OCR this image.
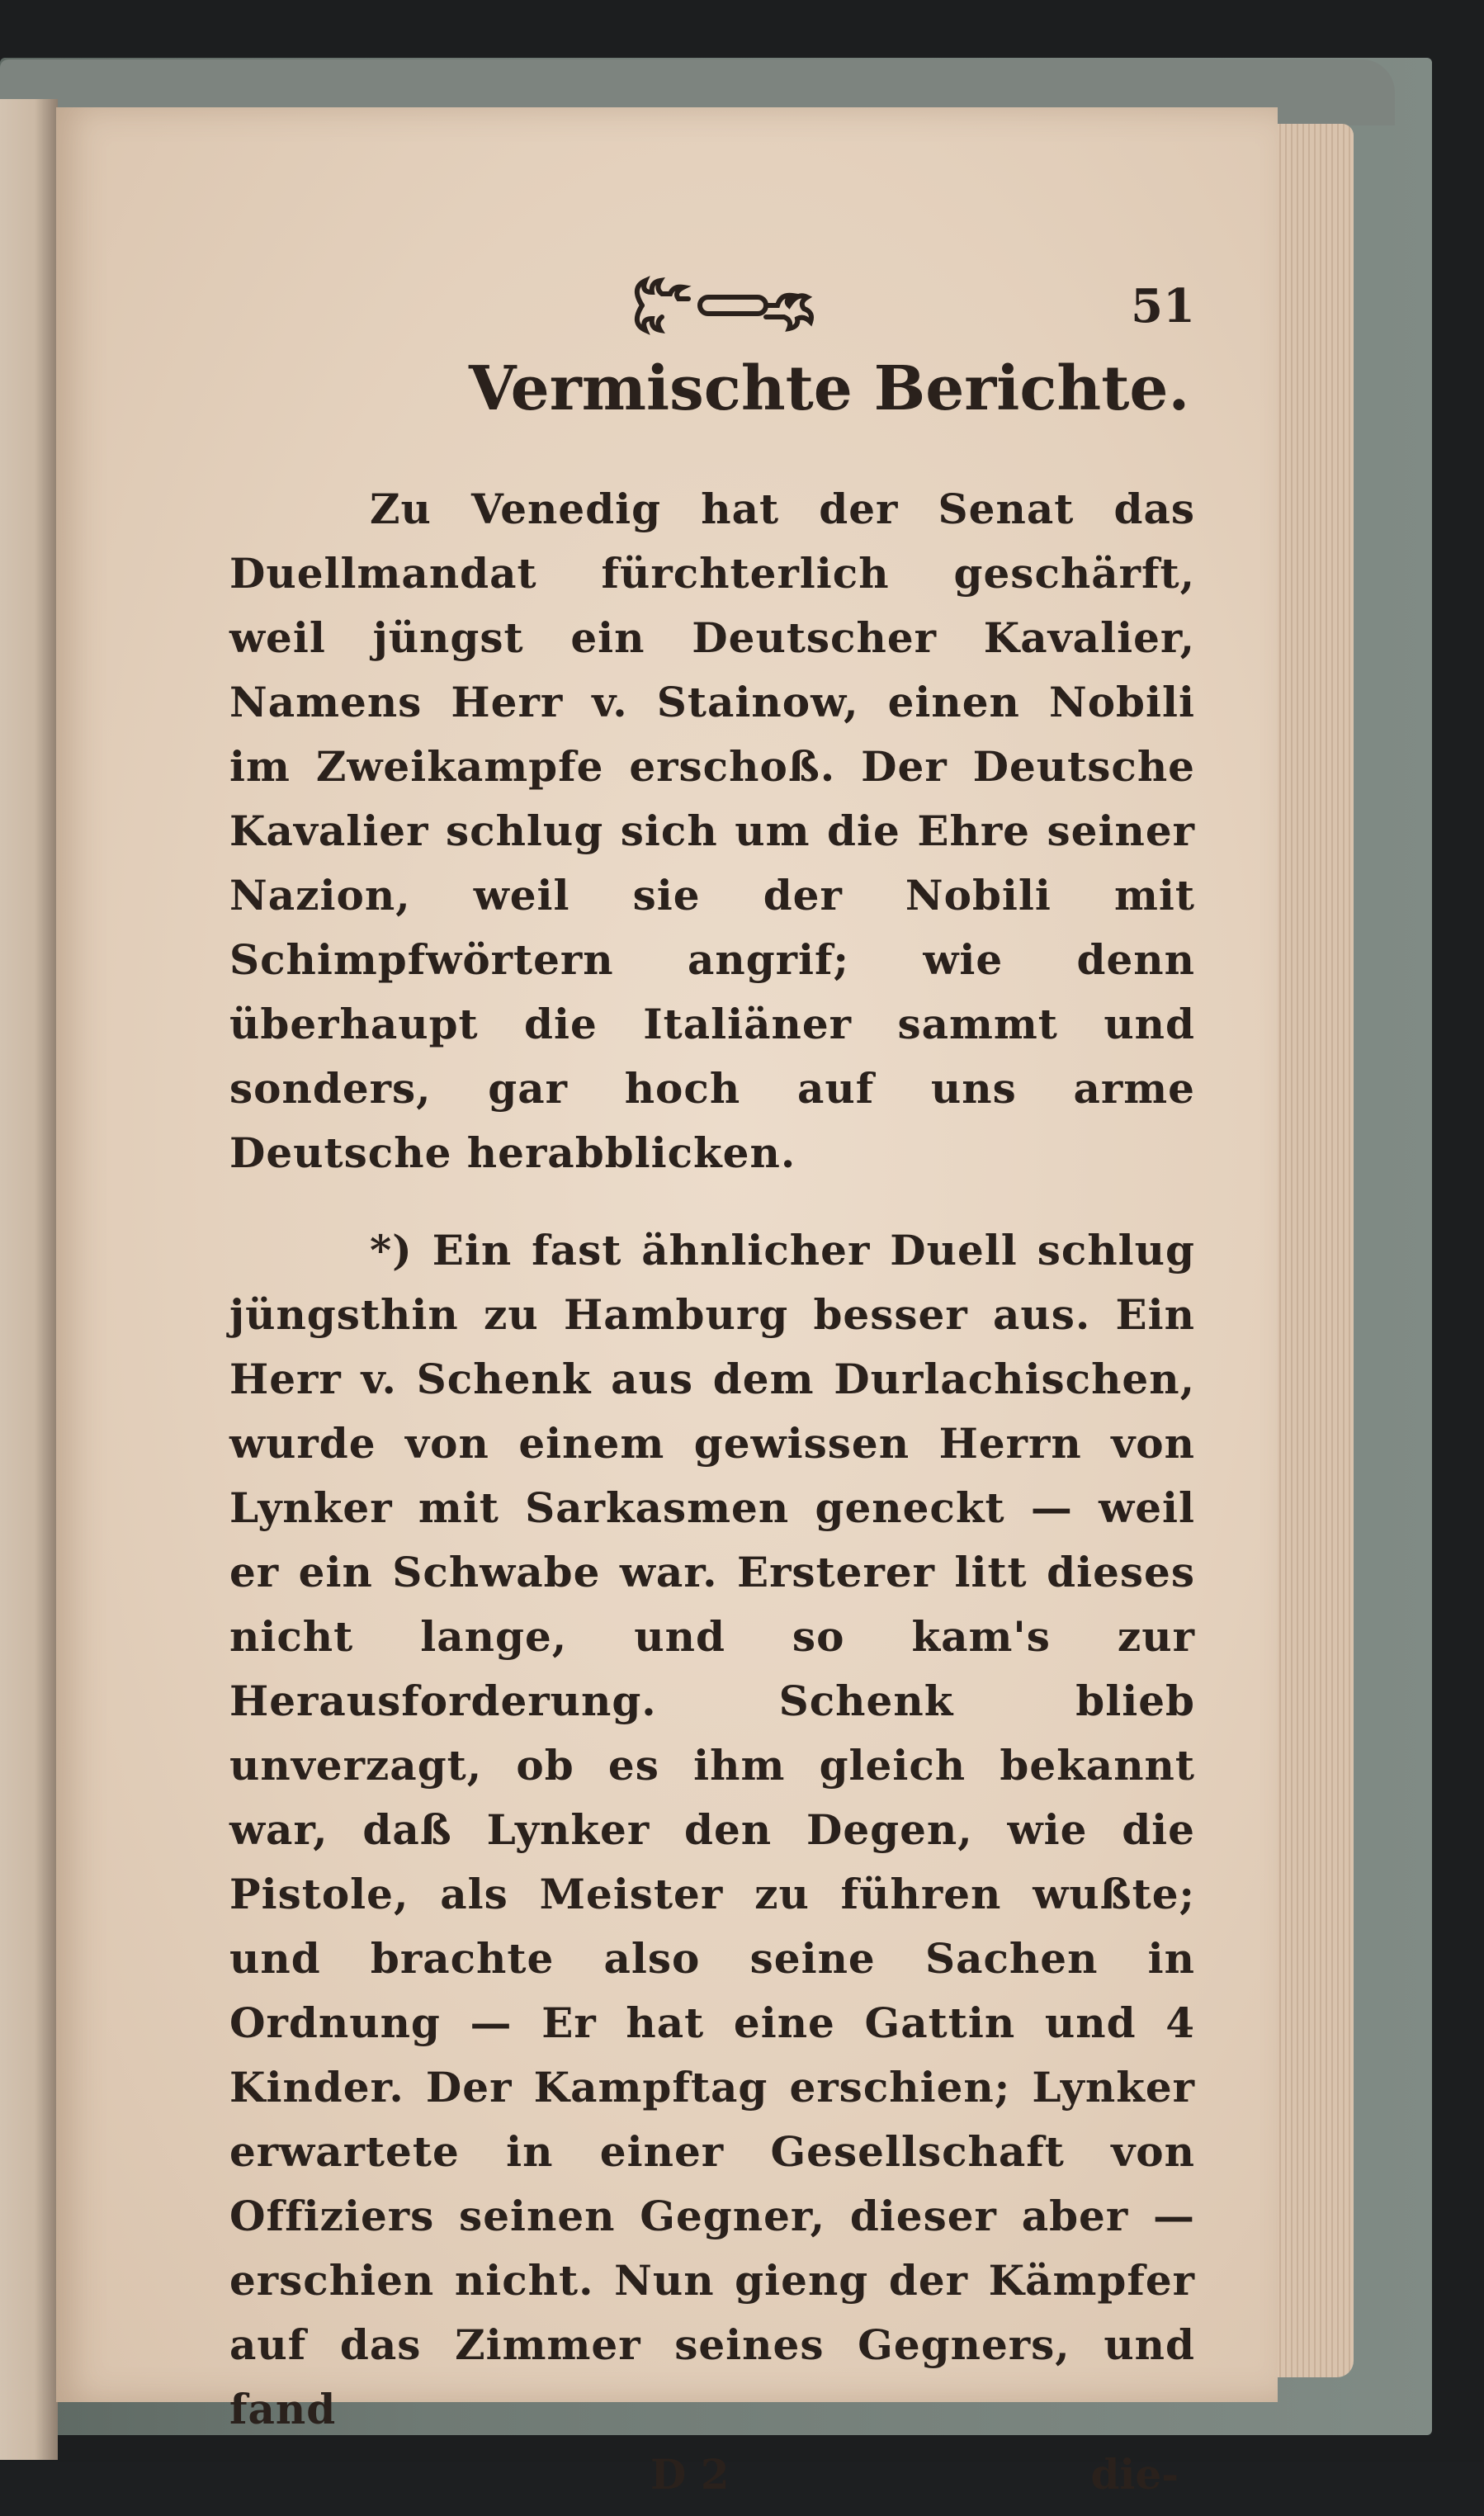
51
Vermischte Berichte.

Zu Venedig hat der Senat das Duellmandat fürchterlich geschärft, weil jüngst ein Deutscher Kavalier, Namens Herr v. Stainow, einen Nobili im Zweikampfe erschoß. Der Deutsche Kavalier schlug sich um die Ehre seiner Nazion, weil sie der Nobili mit Schimpfwörtern angrif; wie denn überhaupt die Italiäner sammt und sonders, gar hoch auf uns arme Deutsche herabblicken.

*) Ein fast ähnlicher Duell schlug jüngsthin zu Hamburg besser aus. Ein Herr v. Schenk aus dem Durlachischen, wurde von einem gewissen Herrn von Lynker mit Sarkasmen geneckt — weil er ein Schwabe war. Ersterer litt dieses nicht lange, und so kam's zur Herausforderung. Schenk blieb unverzagt, ob es ihm gleich bekannt war, daß Lynker den Degen, wie die Pistole, als Meister zu führen wußte; und brachte also seine Sachen in Ordnung — Er hat eine Gattin und 4 Kinder. Der Kampftag erschien; Lynker erwartete in einer Gesellschaft von Offiziers seinen Gegner, dieser aber — erschien nicht. Nun gieng der Kämpfer auf das Zimmer seines Gegners, und fand

D 2	die-
